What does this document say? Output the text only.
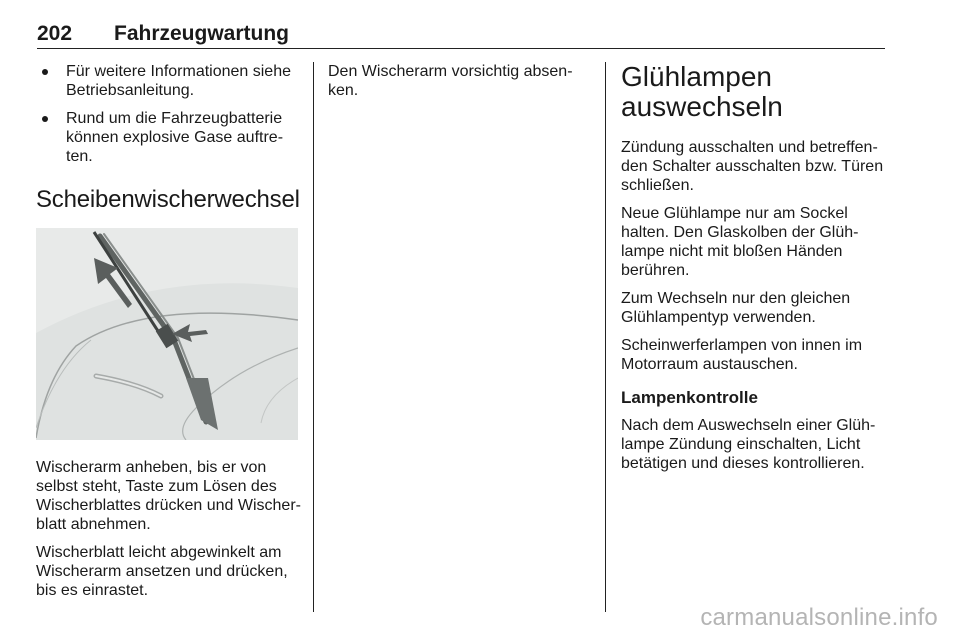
202 Fahrzeugwartung
Für weitere Informationen siehe Betriebsanleitung.
Rund um die Fahrzeugbatterie können explosive Gase auftre-ten.
Scheibenwischerwechsel

Wischerarm anheben, bis er von selbst steht, Taste zum Lösen des Wischerblattes drücken und Wischer-blatt abnehmen.

Wischerblatt leicht abgewinkelt am Wischerarm ansetzen und drücken, bis es einrastet.

Den Wischerarm vorsichtig absen-ken.	Glühlampen auswechseln

Zündung ausschalten und betreffen-den Schalter ausschalten bzw. Türen schließen.

Neue Glühlampe nur am Sockel halten. Den Glaskolben der Glüh-lampe nicht mit bloßen Händen berühren.

Zum Wechseln nur den gleichen Glühlampentyp verwenden.

Scheinwerferlampen von innen im Motorraum austauschen.

Lampenkontrolle

Nach dem Auswechseln einer Glüh-lampe Zündung einschalten, Licht betätigen und dieses kontrollieren.

carmanualsonline.info
